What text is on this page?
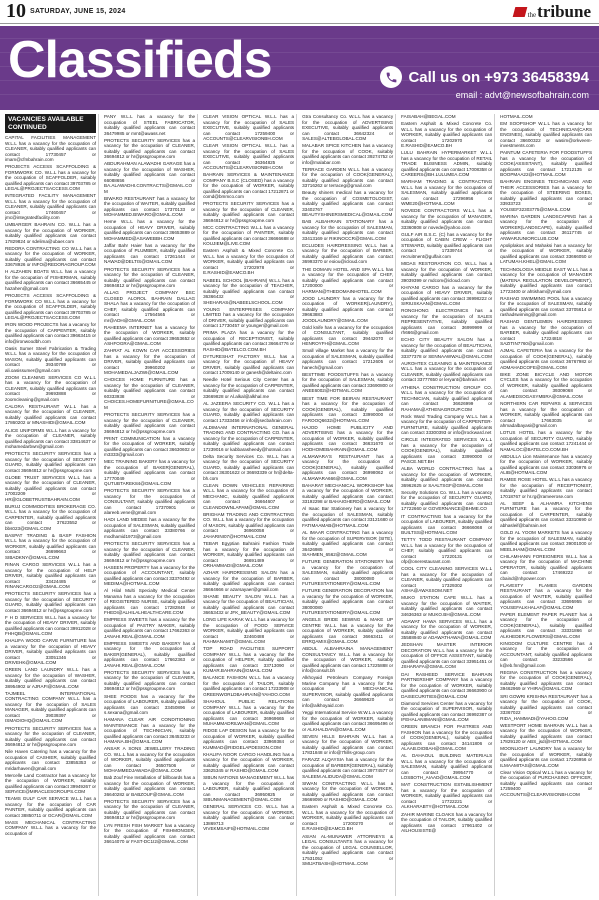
10 SATURDAY, JUNE 15, 2024	the tribune
Classifieds	Call us on +973 36458394
email : advt@newsofbahrain.com
VACANCIES AVAILABLE CONTINUED

CAPITAL FACILITIES MANAGEMENT W.L.L has a vacancy for the occupation of CLEANER, suitably qualified applicants can contact 17730457 or imam@cfmbahrain.com

PROJECTS ACCESS SCAFFOLDING & FORMWORK CO. W.L.L has a vacancy for the occupation of SCAFFOLDER, suitably qualified applicants can contact 39703785 or LEGAL@PROJECTSACCESS.COM

INTEGRATED FACILITY MANAGEMENT W.L.L has a vacancy for the occupation of CLEANER, suitably qualified applicants can contact 17460457 or jmc@integratedfacility.com

UMBARGER BAHRAIN CO. W.L.L has a vacancy for the occupation of WORKER, suitably qualified applicants can contact 17829824 or sdelima@ubaer.com

REDORA CONTRACTING CO W.L.L has a vacancy for the occupation of WORKER, suitably qualified applicants can contact 33678926 or INFO@REDORAGROUP.COM

H ALZAHEN BOATS W.L.L has a vacancy for the occupation of FISHERMAN, suitably qualified applicants can contact 36665445 or hazahen@gmail.com

PROJECTS ACCESS SCAFFOLDING & FORMWORK CO W.L.L has a vacancy for the occupation of SCAFFOLDER, suitably qualified applicants can contact 39703785 or LEGAL@PROJECTSACCESS.COM

IRON WOOD PROJECTS has a vacancy for the occupation of CARPENTER, suitably qualified applicants can contact 39663415 or info@ironwoodbh.com

Oasis Sumer Steel Fabrication & Trading W.L.L has a vacancy for the occupation of MASON, suitably qualified applicants can contact 39340789 or ali.oasissumer@gmail.com

ZOOM CLEANING SERVICES CO W.L.L has a vacancy for the occupation of CLEANER, suitably qualified applicants can contact 39693888 or zoomcleaning@gmail.com

CALORA RESTAURANT W.L.L has a vacancy for the occupation of CLEANER, suitably qualified applicants can contact 17860202 or MNASHIDI@GMAIL.COM

ALICE UNIFORMS W.L.L has a vacancy for the occupation of CLEANER, suitably qualified applicants can contact 33814637 or mohamedarbwn@gmail.com

PROTECTS SECURITY SERVICES has a vacancy for the occupation of SECURITY GUARD, suitably qualified applicants can contact 36694812 or hr@pssgroupme.com

GLOBE TRUST SERVICES W.L.L has a vacancy for the occupation of CLEANER, suitably qualified applicants can contact 17002209 or HR@GLOBETRUSTBAHRAIN.COM

BURUJ COMMODITIES BROKERAGE CO. W.L.L has a vacancy for the occupation of CARPENTER, suitably qualified applicants can contact 37623552 or bbs023@GMAIL.COM

BASPAT TRADING & BASP FASHION W.L.L has a vacancy for the occupation of WORKER, suitably qualified applicants can contact 36699663 or SIBADKNY@GMAIL.COM

RINAN CARGO SERVICES W.L.L has a vacancy for the occupation of HELP DRIVER, suitably qualified applicants can contact 33424485 or RINANCARGO2@GMAIL.COM

PROTECTS SECURITY SERVICES has a vacancy for the occupation of SECURITY GUARD, suitably qualified applicants can contact 36694812 or hr@pssgroupme.com

F H D SERVICES W.L.L has a vacancy for the occupation of HEAVY DRIVER, suitably qualified applicants can contact 39912028 or FHHQB@GMAIL.COM

KHALIFA WOOD CARVE FURNITURE has a vacancy for the occupation of HEAVY DRIVER, suitably qualified applicants can contact 33051346 or DRIVEHK@GMAIL.COM

GREEN LAND LAUNDRY W.L.L has a vacancy for the occupation of WASHER, suitably qualified applicants can contact 38954902 or AJRAFI@GMAIL.COM

TAJMEEL INTERNATIONAL CONTRACTING COMPANY W.L.L has a vacancy for the occupation of SALES MANAGER, suitably qualified applicants can contact 39039397 or ISMADIOHQ@GMAIL.COM

PROTECTS SECURITY SERVICES has a vacancy for the occupation of CLEANER, suitably qualified applicants can contact 36694812 or hr@pssgroupme.com

Nile Haven Catering has a vacancy for the occupation of CASHIER, suitably qualified applicants can contact 33855353 or mridarhaven@gmail.com

Mercelle Land Contractor has a vacancy for the occupation of WORKER, suitably qualified applicants can contact 39949267 or SERVICE@MIRACLESGROUPS.COM

TEAMS GULF CAR SERVICE W.L.L has a vacancy for the occupation of CAR PAINTER, suitably qualified applicants can contact 38850711 or GCAR@GMAIL.COM

MASS MECHANICAL CONTRACTING COMPANY W.L.L has a vacancy for the occupation of

PANY W.L.L has a vacancy for the occupation of STEEL FABRICATOR, suitably qualified applicants can contact 36479985 or mmt@awass.net

PROTECTS SECURITY SERVICES has a vacancy for the occupation of CLEANER, suitably qualified applicants can contact 36694812 or hr@pssgroupme.com

ABDURAHMAN ALAWADHI GARAGE has a vacancy for the occupation of WASHER, suitably qualified applicants can contact 66088656 or BA.ALAWADHI.CONTRACTS@GMAIL.COM

BIWARO RESTAURANT has a vacancy for the occupation of WAITER, suitably qualified applicants can contact 17370133 or MOHAMMED.BIWARO@GMAIL.COM

Heme W.L.L has a vacancy for the occupation of HEAVY DRIVER, suitably qualified applicants can contact 36653889 or MOHAMMED@ASAWEBBH.COM

Jaffar Bahr Haier has a vacancy for the occupation of PLUMBER, suitably qualified applicants can contact 17261444 or NAWAD@DELTIS@GMAIL.COM

PROTECTS SECURITY SERVICES has a vacancy for the occupation of CLEANER, suitably qualified applicants can contact 36694812 or hr@pssgroupme.com

ALLAG PROJECT COMPANY BSC CLOSED ALOROL BAHRAIN DALLAG SHALA has a vacancy for the occupation of CHEF, suitably qualified applicants can contact 17564565 or mr@ADH@GMAIL.COM

RAHEEMA INTERNET has a vacancy for the occupation of WORKER, suitably qualified applicants can contact 39653652 or ASHFOGRA@GMAIL.COM

ZAHRAT AL KOWN CAR ACCESSORIES has a vacancy for the occupation of DRIVER, suitably qualified applicants can contact 39960202 or MOHAMEDALJAZWI@GMAIL.COM

CHOICES HOME FURNITURE has a vacancy for the occupation of CLEANER, suitably qualified applicants can contact 60333938 or CHOICES.HOMEFURNITURE@GMAIL.COM

PROTECTS SECURITY SERVICES has a vacancy for the occupation of CLEANER, suitably qualified applicants can contact 36694812 or hr@pssgroupme.com

PRINT COMMUNICATION has a vacancy for the occupation of WORKER, suitably qualified applicants can contact 36630602 or m3333@gmail.com

MEC TRAINING BAKERY has a vacancy for the occupation of BAKER(GENERAL), suitably qualified applicants can contact 17770049 or QUTUBTAREK84@GMAIL.COM

PROTECTS SECURITY SERVICES has a vacancy for the occupation of CONSULTANT, suitably qualified applicants can contact 17370901 or alareeb.vene@gmail.com

HADI LAND MEDEE has a vacancy for the occupation of SALESMAN, suitably qualified applicants can contact 33380766 or modhamid1973@gmail.com

PROTECTS SECURITY SERVICES has a vacancy for the occupation of CLEANER, suitably qualified applicants can contact 36694812 or hr@pssgroupme.com

HASEEN PROPERTY has a vacancy for the occupation of ACCOUNTANT, suitably qualified applicants can contact 33370492 or MEDIMA@HOTMAIL.COM

Al Hilal Multi Specialty Medical Center Manama has a vacancy for the occupation of REGISTERED NURSE, suitably qualified applicants can contact 17282848 or FHEDI@ALHILALHEALTHCARE.COM

EMPRESS SWEETS has a vacancy for the occupation of PASTRY MAKER, suitably qualified applicants can contact 17662363 or JANAHI.REAL@GMAIL.COM

EMPRESS SWEETS AND BAKERY has a vacancy for the occupation of BAKER(GENERAL), suitably qualified applicants can contact 17662363 or JANAHI.REAL@GMAIL.COM

PROTECTS SECURITY SERVICES has a vacancy for the occupation of CLEANER, suitably qualified applicants can contact 36694812 or hr@pssgroupme.com

SHEE FOODS has a vacancy for the occupation of LABOURER, suitably qualified applicants can contact 33450896 or s.sexana@gmail.com

HAMANA CLEAR AIR CONDITIONING MAINTENANCE has a vacancy for the occupation of TECHNICIAN, suitably qualified applicants can contact 36453233 or HAMANA.BH@GMAIL.COM

ANSAR A SONS JEWELLERY TRADING CO. W.L.L has a vacancy for the occupation of WORKER, suitably qualified applicants can contact 36507506 or MOHAMMEDJAWADA@GMAIL.COM

Bab Zouf Fine Installation of billboards has a vacancy for the occupation of WORKER, suitably qualified applicants can contact 36640282 or BABZOUF@GMAIL.COM

PROTECTS SECURITY SERVICES has a vacancy for the occupation of CLEANER, suitably qualified applicants can contact 36694812 or hr@pssgroupme.com

LYN FRESH FISH MARKET has a vacancy for the occupation of FISHMONGER, suitably qualified applicants can contact 36614070 or FAST-DC1I2@GMAIL.COM

CLEAR VISION OPTICAL W.L.L has a vacancy for the occupation of SALES EXECUTIVE, suitably qualified applicants can contact 17259400 or ACCOUNTS@CLEARVISIONBH.COM

CLEAR VISION OPTICAL W.L.L has a vacancy for the occupation of SALES EXECUTIVE, suitably qualified applicants can contact 36364825 or ACCOUNTS@CLEARVISIONBH.COM

BAHRAIN SERVICES & MAINTENANCE COMPANY B.S.C (CLOSED) has a vacancy for the occupation of WORKER, suitably qualified applicants can contact 17212871 or comd@bmmco.com

PROTECTS SECURITY SERVICES has a vacancy for the occupation of CLEANER, suitably qualified applicants can contact 36694812 or hr@pssgroupme.com

MCC CONTRACTING W.L.L has a vacancy for the occupation of PAINTER, suitably qualified applicants can contact 36666688 or KOUJIEM@LIVE.COM

Eastern Asphalt & Mixed Concrete Co. W.L.L has a vacancy for the occupation of WORKER, suitably qualified applicants can contact 17202978 or E.RASHID@EAMCO.BH

NABEEL SCHOOL (BAHRAIN) W.L.L has a vacancy for the occupation of TEACHER, suitably qualified applicants can contact 36366432 or SHEHARAS@NABEELSCHOOL.COM

YOUNG ENTERPRISES COMPANY LIMITED has a vacancy for the occupation of DRIVER, suitably qualified applicants can contact 17730457 or younger@gmail.com

PRIMA PLAZA has a vacancy for the occupation of RECEPTIONIST, suitably qualified applicants can contact 36664776 or RASHID@BATELCO.COM.BH

DYTURESHAT FACTORY W.L.L has a vacancy for the occupation of HEAVY DRIVER, suitably qualified applicants can contact 17009140 or ganesh@deltainc.com

Needle Hotel Serious City Center has a vacancy for the occupation of CARPENTER, suitably qualified applicants can contact 33669828 or Al.alkal@alkhal.me

AL JAZEERA SECURITY CO. W.L.L has a vacancy for the occupation of SECURITY GUARD, suitably qualified applicants can contact 17333456 or info@jsecbahrain.com

ALDIMAAM INTERNATIONAL GENERAL TRADING AND CONTRACTING CO. has a vacancy for the occupation of CARPENTER, suitably qualified applicants can contact 17239016 or kabbarasheedy@hotmail.com

Delta Security Services Co. W.L.L has a vacancy for the occupation of SECURITY GUARD, suitably qualified applicants can contact 36301622 or 36693339 or hr@delta-bh.com

CLEAN DOWN VEHICLES REPAIRING W.L.L has a vacancy for the occupation of MECHANIC, suitably qualified applicants can contact 36664607 or CLEANDOWNLAPAM@GMAIL.COM

BRIGHAM TRADING AND CONTRACTING CO. W.L.L has a vacancy for the occupation of MASON, suitably qualified applicants can contact 36960058 or JAHARINI07@HOTMAIL.COM

TEBAR Egyptian Bahraini Fashion Trade has a vacancy for the occupation of WORKER, suitably qualified applicants can contact 36691489 or ORHAMMADI@GMAIL.COM

AZHAR HAIRDRESSING SALON has a vacancy for the occupation of BARBER, suitably qualified applicants can contact 36664666 or azarsayaer@gmail.com

SHANE BEAUTY SALON W.L.L has a vacancy for the occupation of BEAUTICIAN, suitably qualified applicants can contact 36653432 or JFK_BEAUTY@GMAIL.COM

LONG LIFE KARAK W.L.L has a vacancy for the occupation of FOOD SERVICE WORKER, suitably qualified applicants can contact 32460488 or RAHMANAMIT@GMAIL.COM

TOP ROAD FACILITIES SUPPORT COMPANY W.L.L has a vacancy for the occupation of HELPER, suitably qualified applicants can contact 33713090 or KUMAR.BAHRAIN@GMAIL.COM

BALANCE FASHION W.L.L has a vacancy for the occupation of TAILOR, suitably qualified applicants can contact 17233908 or GREENWORLDBAHRAIN@YAHOO.COM

SHAHOUL PUBLIC RELATIONS COMPANY W.L.L has a vacancy for the occupation of LABOURER, suitably qualified applicants can contact 36969665 or MUHAMMADRILWAN@GMAIL.COM

RIDGE LAP DESIGN has a vacancy for the occupation of WORKER, suitably qualified applicants can contact 33969384 or KUMMAD@RIDGELAPDESIGN.COM

KHALIFA NOOR CARGO HANDLING has a vacancy for the occupation of WORKER, suitably qualified applicants can contact 33625345 or RASHID@GMAIL.COM

SIBUN NATIONS MANAGEMENT W.L.L has a vacancy for the occupation of LABOURER, suitably qualified applicants can contact 36950825 or SIBUNMANAGEMENT@GMAIL.COM

GENERAL SERVICES CO. W.L.L has a vacancy for the occupation of WORKER, suitably qualified applicants can contact 13869713 or VIVEKMSAIFI@HOTMAIL.COM

Gtra Consultancy Co. W.L.L has a vacancy for the occupation of ADVERTISING EXECUTIVE, suitably qualified applicants can contact 36642324 or SALES@ALTEBGLOBAL.COM

MALABAR SPICE KITCHEN has a vacancy for the occupation of COOK, suitably qualified applicants can contact 39274752 or info@malabar.com

TERRACE GARDEN W.L.L has a vacancy for the occupation of COOK(GENERAL), suitably qualified applicants can contact 33716262 or terraceg@gmail.com

Beauty shiners medical has a vacancy for the occupation of COSMETOLOGIST, suitably qualified applicants can contact 33402767 or BEAUTYSHINERSMEDICAL@GMAIL.COM

BAB ALBAHRAIN STATIONARY has a vacancy for the occupation of SALESMAN, suitably qualified applicants can contact 33413169 or RIKINOCCR@GMAIL.COM

ECLUDES HAIRDRESSING W.L.L has a vacancy for the occupation of BARBER, suitably qualified applicants can contact 36993370 or eoiou@icloud.com

THE DOMAIN HOTEL AND SPA W.L.L has a vacancy for the occupation of CHEF, suitably qualified applicants can contact 17200000 or HARMAN@THEDOMAINHOTEL.COM

JOOD LAUNDRY has a vacancy for the occupation of WORKER(LAUNDRY), suitably qualified applicants can contact 39663883 or JOODLAUNDRY@GMAIL.COM

Gold knife has a vacancy for the occupation of CONSULTANT, suitably qualified applicants can contact 39442070 or HENROYFH@GMAIL.COM

Small village Market has a vacancy for the occupation of SALESMAN, suitably qualified applicants can contact 17212605 or hanech@gmail.com

BESTTIME FOODSTUFFS has a vacancy for the occupation of SALESMAN, suitably qualified applicants can contact 33690800 or ANEE6002@HOTMAIL.COM

BEST TIME FOR BEIRAN RESTAURANT has a vacancy for the occupation of COOK(GENERAL), suitably qualified applicants can contact 33990000 or FAROOQ6632@HOTMAIL.COM

HAJOD HOME PUBLICITY AND ADVERTISING has a vacancy for the occupation of WORKER, suitably qualified applicants can contact 36631670 or HODHOMEBAHRAIN@GMAIL.COM

ALMAWARA'S RESTAURANT has a vacancy for the occupation of COOK(GENERAL), suitably qualified applicants can contact 36998062 or ALMAWARA666@GMAIL.COM

BAHARAT MECHANICAL WORKSHOP has a vacancy for the occupation of WORKER, suitably qualified applicants can contact 33192298 or BAHAIGHERD@GMAIL.COM

Al Isaac Bar Stationery has a vacancy for the occupation of SALESMAN, suitably qualified applicants can contact 33121680 or FATIMAAMAB@HOTMAIL.COM

AL IMAAR CONTRACTING has a vacancy for the occupation of SUPERVISOR (SITE), suitably qualified applicants can contact 36426985 or SIAHMEN_6562@GMAIL.COM

FUTURE GENERATION STATIONERY has a vacancy for the occupation of SALESMAN, suitably qualified applicants can contact 38000080 or FUTURESTATIONERY@GMAIL.COM

FUTURE GENERATION DECORATION has a vacancy for the occupation of WORKER, suitably qualified applicants can contact 38000080 or FUTURESTATIONERY@GMAIL.COM

ANGELS BRIDE SEWING & MAKE UP CENTRE W.L.L has a vacancy for the occupation of WORKER, suitably qualified applicants can contact 36663411 or ERRQAMIX@GMAIL.COM

ABDUL ALBAHRAINA MANAGEMENT CONSULTANCY W.L.L has a vacancy for the occupation of WORKER, suitably qualified applicants can contact 17225888 or info@consult.bh

Alkhoyaid Petroleum Company Foreign Marine Company has a vacancy for the occupation of MECHANICAL SUPERVISOR, suitably qualified applicants can contact 36669620 or info@alkhoyaid.com

Yeggi International Service W.W.L a vacancy for the occupation of WORKER, suitably qualified applicants can contact 36695496 or or ALKHALDAN@GMAIL.COM

SEVEN HILLS BAHRAIN W.L.L has a vacancy for the occupation of WORKER, suitably qualified applicants can contact 17831848 or info@7hills-group.com

FARAZZ ALQAYSIA has a vacancy for the occupation of BARBER(GENERAL), suitably qualified applicants can contact 39774577 or SALEEM.ALIDUDA@GMAIL.COM

SIWAN CONTRACTING W.L.L has a vacancy for the occupation of WORKER, suitably qualified applicants can contact 36669090 or RASHID@GMAIL.COM

Eastern Asphalt & Mixed Concrete Co. W.L.L has a vacancy for the occupation of WORKER, suitably qualified applicants can contact 17200270 or E.RASHID@EAMCO.BH

ASIAN AL-MUNAWER ATTORNEYS & LEGAL CONSULTANTS has a vacancy for the occupation of LEGAL COUNSELLOR, suitably qualified applicants can contact 17531052 or SMIJATBASH@HOTMAIL.COM

FAISABAH@BEGAL.COM

Eastern Asphalt & Mixed Concrete Co. W.L.L has a vacancy for the occupation of WORKER, suitably qualified applicants can contact 17202970 or E.RASHID@EAMCO.BH

LULU BAHRAIN HYPERMARKET W.L.L has a vacancy for the occupation of RETAIL TRADE BUSINESS ADMIN, suitably qualified applicants can contact 17008358 or CAREERS@BH.LULUMEA.COM

MARHAM TRADING & CONTRACTING W.L.L has a vacancy for the occupation of SALESMAN, suitably qualified applicants can contact 17296956 or WME20@HOTMAIL.COM

NOVEDE CONTRACTORS W.L.L has a vacancy for the occupation of MANAGER, suitably qualified applicants can contact 33360808 or novede@yahoo.com

GULF AIR B.S.C. (C) has a vacancy for the occupation of CABIN CREW - FLIGHT STEWARD, suitably qualified applicants can contact 17339744 or recruitment@gulfair.com

MIDAS RESTORATION CO. W.L.L has a vacancy for the occupation of WORKER, suitably qualified applicants can contact 39039399 or mdcom@icloud.com

KHIYANI CARGO has a vacancy for the occupation of HEAVY DRIVER, suitably qualified applicants can contact 36998222 or SIRIUSKAAN@GMAIL.COM

RONGHONG ELECTRONICS has a vacancy for the occupation of SALES REPRESENTATIVE, suitably qualified applicants can contact 36999999 or rh666@gmail.com

ECHO CITY BEAUTY SALON has a vacancy for the occupation of BEAUTICIAN, suitably qualified applicants can contact 33377378 or SENNAAWWAL@GMAIL.COM

AUROHTEX CLEANING & MAINTENANCE W.L.L has a vacancy for the occupation of CLEANER, suitably qualified applicants can contact 33777650 or leryant@bahrain.net

ATHENA CONSTRUCTION GROUP CO. W.L.L has a vacancy for the occupation of TECHNICIAN, suitably qualified applicants can contact 36626999 or RAHAMA@ATHENAGROUP.COM

Rock Ward Trading Company W.L.L has a vacancy for the occupation of CARPENTER-FURNITURE, suitably qualified applicants can contact 33300393 or info@rockward.net

CIRCLE INTEGRATED SERVICES W.L.L has a vacancy for the occupation of COOK(GENERAL), suitably qualified applicants can contact 33990000 or PASCE.NET.BH

ALBA WORLD CONTRACTING has a vacancy for the occupation of WORKER, suitably qualified applicants can contact 36962625 or SAALTSGF@GMAIL.COM

Security Solutions Co. W.L.L has a vacancy for the occupation of SECURITY GUARD, suitably qualified applicants can contact 17722660 or GOVERNANCE@BHME.CO

IT CONTRACTING has a vacancy for the occupation of LABOURER, suitably qualified applicants can contact 36666068 or BUILTSS@HOTMAIL.COM

TETTY TODD RESTAURANT COMPANY W.L.L has a vacancy for the occupation of CHEF, suitably qualified applicants can contact 17220131 or ofp@onerestaurant.com

COOL CITY CLEANING SERVICES W.L.L has a vacancy for the occupation of CLEANER, suitably qualified applicants can contact 17329302 or ASHA@AWASSOM.NET

MUKO STATION CAFE W.L.L has a vacancy for the occupation of WAITER, suitably qualified applicants can contact 34636363 or MUKO.BH@GMAIL.COM

ADAWAT HAWA SERVICES W.L.L has a vacancy for the occupation of WORKER, suitably qualified applicants can contact 35588940 or ADAWATHAWA@GMAIL.COM

JEDSHAN MASTER INTERIOR DECORATION W.L.L has a vacancy for the occupation of OFFICE ASSISTANT, suitably qualified applicants can contact 33951451 or JSHARAFA@GMAIL.COM

DAI RASHEED SERVICE BAHRAIN PARTNERSHIP COMPANY has a vacancy for the occupation of WORKER, suitably qualified applicants can contact 36663900 or DAISECURITIES@GMAIL.COM

Diamond Services Center has a vacancy for the occupation of SUPERVISOR, suitably qualified applicants can contact 36992387 or IFEHALANIIMANI@GMAIL.COM

GREEN BRANCH FOR PASTRIES AND FASHION has a vacancy for the occupation of COOK(GENERAL), suitably qualified applicants can contact 34141806 or ALAAB.DIOBAH@GMAIL.COM

AL DAHAOUL BUILDING MATERIALS W.L.L has a vacancy for the occupation of SALESMAN, suitably qualified applicants can contact 39954770 or LOSBOTH_AIAAD@GMAIL.COM

MAT CONSTRUCTION ESTABLISHMENT has a vacancy for the occupation of WORKER, suitably qualified applicants can contact 17722221 or ALKHARABTY@HOTMAIL.COM

ZAHIR MARINE CLOAKS has a vacancy for the occupation of TAILOR, suitably qualified applicants can contact 17961402 or AILHOUSISTE@

HOTMAIL.COM

EM SOOPSHOP W.L.L has a vacancy for the occupation of TECHNICIAN(CARS ENGINES), suitably qualified applicants can contact 36600322 or wasim@orkveem-investments.com

PAINTUM CAFETERIA FOR FOODSTUFFS has a vacancy for the occupation of COOK(ASSISTANT), suitably qualified applicants can contact 17212135 or BOOPMAA22@HOTMAIL.COM

BAHRAIN ENGINES TECHNICIANS AND THEIR ACCESSORIES has a vacancy for the occupation of STEERING BOXES, suitably qualified applicants can contact 33933723 or YOUSEF32303775@GMAIL.COM

MARINA GARDEN LANDSCAPING has a vacancy for the occupation of WORKER(LANDSCAPE), suitably qualified applicants can contact 36117745 or ANWARJUNIORCLUB.COM

Apoliplakos and Mahaksi has a vacancy for the occupation of WORKER, suitably qualified applicants can contact 33666050 or LATUMAH.KHEL@GMAIL.COM

TECHNOLOGIA MEIDLE EAST W.L.L has a vacancy for the occupation of MANAGER (MATENA REGULATION DEVELOPMENT), suitably qualified applicants can contact 17723400 or ahtisham@ymail.com

RASHAD SWIMMING POOL has a vacancy for the occupation of SALESMAN, suitably qualified applicants can contact 33705614 or rashadswiming@gmail.com

RASHAD GENTLEMEN HAIRDRESSING has a vacancy for the occupation of BARBER, suitably qualified applicants can contact 17224818 or SAZITIN7760@gmail.com

AJMAL CAFETERIA has a vacancy for the occupation of COOK(GENERAL), suitably qualified applicants can contact 36767982 or ADMAHADCOFE@GMAIL.COM

BIKE ZONE BICYCLE AND MOTOR CYCLES has a vacancy for the occupation of WORKER, suitably qualified applicants can contact 39309068 or ALAMEDSOGASYMBRA@GMAIL.COM

NORTHERN CAR REPAIRS & SERVICES has a vacancy for the occupation of WORKER, suitably qualified applicants can contact 17663035 or ahmadalbayasi@gmail.com

LOTUS HOTEL has a vacancy for the occupation of SECURITY GUARD, suitably qualified applicants can contact 17241444 or NAMALOC@BATELCO.COM.BH

ABDULLA Lion Maintenance has a vacancy for the occupation of WORKER, suitably qualified applicants can contact 33036976 or ALIB@HOTMAIL.COM

RAMEE ROSE HOTEL W.L.L has a vacancy for the occupation of RECEPTIONIST, suitably qualified applicants can contact 17018767 or hr.rg@rameerose.com

AL SEEF & ALHAMRA KITCHENS FURNITURE has a vacancy for the occupation of CARPENTER, suitably qualified applicants can contact 33310690 or abhasleif@bahrain.net

GOLD AL YOOM MARKETS has a vacancy for the occupation of SALESMAN, suitably qualified applicants can contact 39001000 or MEELIHAM@GMAIL.COM

CHILAMHANN FOREIGNERS W.L.L has a vacancy for the occupation of MACHINE OPERATOR, suitably qualified applicants can contact 17469222 or cbaind@nhpower.com

FLAVESTY FLAMES GARDEN RESTAURANT has a vacancy for the occupation of WAITER, suitably qualified applicants can contact 33695955 or YOUSEFALKHALAF@GMAIL.COM

PAPER ELEMENT PAPER PLANET has a vacancy for the occupation of COOK(GENERAL), suitably qualified applicants can contact 33331866 or ALKHEDER.FLOWERS@GMAIL.COM

KINGDOM CULTURE CENTRE has a vacancy for the occupation of ACCOUNTANT, suitably qualified applicants can contact 33233566 or k@eb.fnn@gmail.com

REGINA CONSTRUCTION has a vacancy for the occupation of COOK(GENERAL), suitably qualified applicants can contact 39462969 or YHIRA@GMAIL.COM

SRI GOWRI KRISHNA RESTAURANT has a vacancy for the occupation of COOK, suitably qualified applicants can contact 33367022 or RIDA_HAMMADI@YAHOO.COM

WESTPORT HOME BAHRAIN W.L.L has a vacancy for the occupation of WORKER, suitably qualified applicants can contact 17829120 or ABS_jsd@HOTMAIL.COM

MOONLIGHT LAUNDRY has a vacancy for the occupation of WORKER, suitably qualified applicants can contact 17226956 or ILMAAMITAS@GMAIL.COM

Clear Vision Optical W.L.L has a vacancy for the occupation of PURCHASING OFFICER, suitably qualified applicants can contact 17259400 or ACCOUNTS@CLEARVISIONBH.COM
